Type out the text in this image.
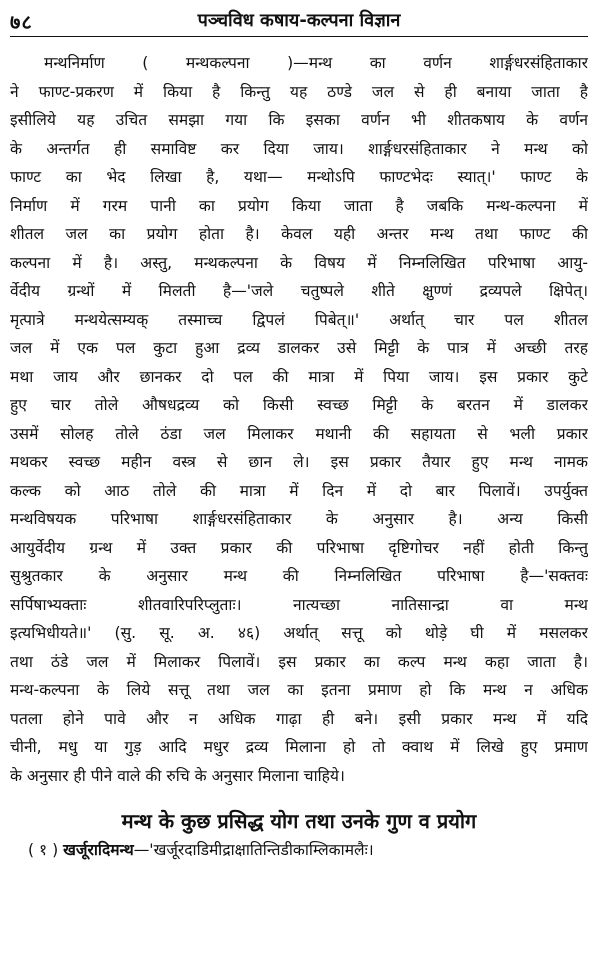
७८	पञ्चविध कषाय-कल्पना विज्ञान
मन्थनिर्माण ( मन्थकल्पना )—मन्थ का वर्णन शार्ङ्गधरसंहिताकार
ने फाण्ट-प्रकरण में किया है किन्तु यह ठण्डे जल से ही बनाया जाता है
इसीलिये यह उचित समझा गया कि इसका वर्णन भी शीतकषाय के वर्णन
के अन्तर्गत ही समाविष्ट कर दिया जाय। शार्ङ्गधरसंहिताकार ने मन्थ को
फाण्ट का भेद लिखा है, यथा— मन्थोऽपि फाण्टभेदः स्यात्।' फाण्ट के
निर्माण में गरम पानी का प्रयोग किया जाता है जबकि मन्थ-कल्पना में
शीतल जल का प्रयोग होता है। केवल यही अन्तर मन्थ तथा फाण्ट की
कल्पना में है। अस्तु, मन्थकल्पना के विषय में निम्नलिखित परिभाषा आयु-
र्वेदीय ग्रन्थों में मिलती है—'जले चतुष्पले शीते क्षुण्णं द्रव्यपले क्षिपेत्।
मृत्पात्रे मन्थयेत्सम्यक् तस्माच्च द्विपलं पिबेत्॥' अर्थात् चार पल शीतल
जल में एक पल कुटा हुआ द्रव्य डालकर उसे मिट्टी के पात्र में अच्छी तरह
मथा जाय और छानकर दो पल की मात्रा में पिया जाय। इस प्रकार कुटे
हुए चार तोले औषधद्रव्य को किसी स्वच्छ मिट्टी के बरतन में डालकर
उसमें सोलह तोले ठंडा जल मिलाकर मथानी की सहायता से भली प्रकार
मथकर स्वच्छ महीन वस्त्र से छान ले। इस प्रकार तैयार हुए मन्थ नामक
कल्क को आठ तोले की मात्रा में दिन में दो बार पिलावें। उपर्युक्त
मन्थविषयक परिभाषा शार्ङ्गधरसंहिताकार के अनुसार है। अन्य किसी
आयुर्वेदीय ग्रन्थ में उक्त प्रकार की परिभाषा दृष्टिगोचर नहीं होती किन्तु
सुश्रुतकार के अनुसार मन्थ की निम्नलिखित परिभाषा है—'सक्तवः
सर्पिषाभ्यक्ताः शीतवारिपरिप्लुताः। नात्यच्छा नातिसान्द्रा वा मन्थ
इत्यभिधीयते॥' (सु. सू. अ. ४६) अर्थात् सत्तू को थोड़े घी में मसलकर
तथा ठंडे जल में मिलाकर पिलावें। इस प्रकार का कल्प मन्थ कहा जाता है।
मन्थ-कल्पना के लिये सत्तू तथा जल का इतना प्रमाण हो कि मन्थ न अधिक
पतला होने पावे और न अधिक गाढ़ा ही बने। इसी प्रकार मन्थ में यदि
चीनी, मधु या गुड़ आदि मधुर द्रव्य मिलाना हो तो क्वाथ में लिखे हुए प्रमाण
के अनुसार ही पीने वाले की रुचि के अनुसार मिलाना चाहिये।
मन्थ के कुछ प्रसिद्ध योग तथा उनके गुण व प्रयोग
( १ ) खर्जूरादिमन्थ—'खर्जूरदाडिमीद्राक्षातिन्तिडीकाम्लिकामलैः।
